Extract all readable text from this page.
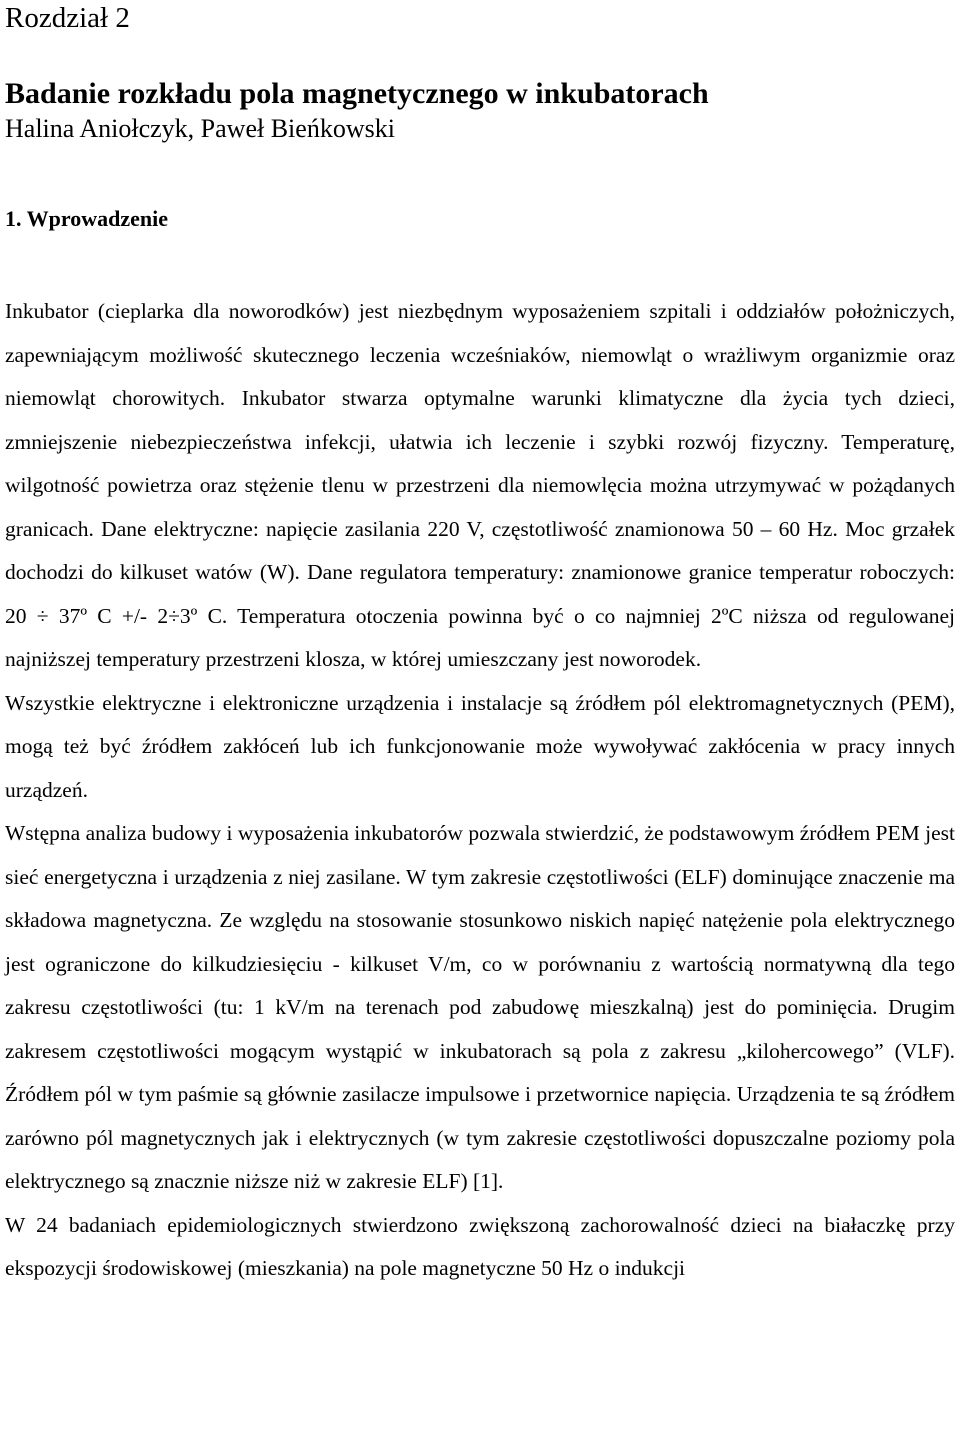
Rozdział 2
Badanie rozkładu pola magnetycznego w inkubatorach
Halina Aniołczyk, Paweł Bieńkowski
1. Wprowadzenie

Inkubator (cieplarka dla noworodków) jest niezbędnym wyposażeniem szpitali i oddziałów położniczych, zapewniającym możliwość skutecznego leczenia wcześniaków, niemowląt o wrażliwym organizmie oraz niemowląt chorowitych. Inkubator stwarza optymalne warunki klimatyczne dla życia tych dzieci, zmniejszenie niebezpieczeństwa infekcji, ułatwia ich leczenie i szybki rozwój fizyczny. Temperaturę, wilgotność powietrza oraz stężenie tlenu w przestrzeni dla niemowlęcia można utrzymywać w pożądanych granicach. Dane elektryczne: napięcie zasilania 220 V, częstotliwość znamionowa 50 – 60 Hz. Moc grzałek dochodzi do kilkuset watów (W). Dane regulatora temperatury: znamionowe granice temperatur roboczych: 20 ÷ 37º C +/- 2÷3º C. Temperatura otoczenia powinna być o co najmniej 2ºC niższa od regulowanej najniższej temperatury przestrzeni klosza, w której umieszczany jest noworodek.

Wszystkie elektryczne i elektroniczne urządzenia i instalacje są źródłem pól elektromagnetycznych (PEM), mogą też być źródłem zakłóceń lub ich funkcjonowanie może wywoływać zakłócenia w pracy innych urządzeń.

Wstępna analiza budowy i wyposażenia inkubatorów pozwala stwierdzić, że podstawowym źródłem PEM jest sieć energetyczna i urządzenia z niej zasilane. W tym zakresie częstotliwości (ELF) dominujące znaczenie ma składowa magnetyczna. Ze względu na stosowanie stosunkowo niskich napięć natężenie pola elektrycznego jest ograniczone do kilkudziesięciu - kilkuset V/m, co w porównaniu z wartością normatywną dla tego zakresu częstotliwości (tu: 1 kV/m na terenach pod zabudowę mieszkalną) jest do pominięcia. Drugim zakresem częstotliwości mogącym wystąpić w inkubatorach są pola z zakresu „kilohercowego” (VLF). Źródłem pól w tym paśmie są głównie zasilacze impulsowe i przetwornice napięcia. Urządzenia te są źródłem zarówno pól magnetycznych jak i elektrycznych (w tym zakresie częstotliwości dopuszczalne poziomy pola elektrycznego są znacznie niższe niż w zakresie ELF) [1].

W 24 badaniach epidemiologicznych stwierdzono zwiększoną zachorowalność dzieci na białaczkę przy ekspozycji środowiskowej (mieszkania) na pole magnetyczne 50 Hz o indukcji
